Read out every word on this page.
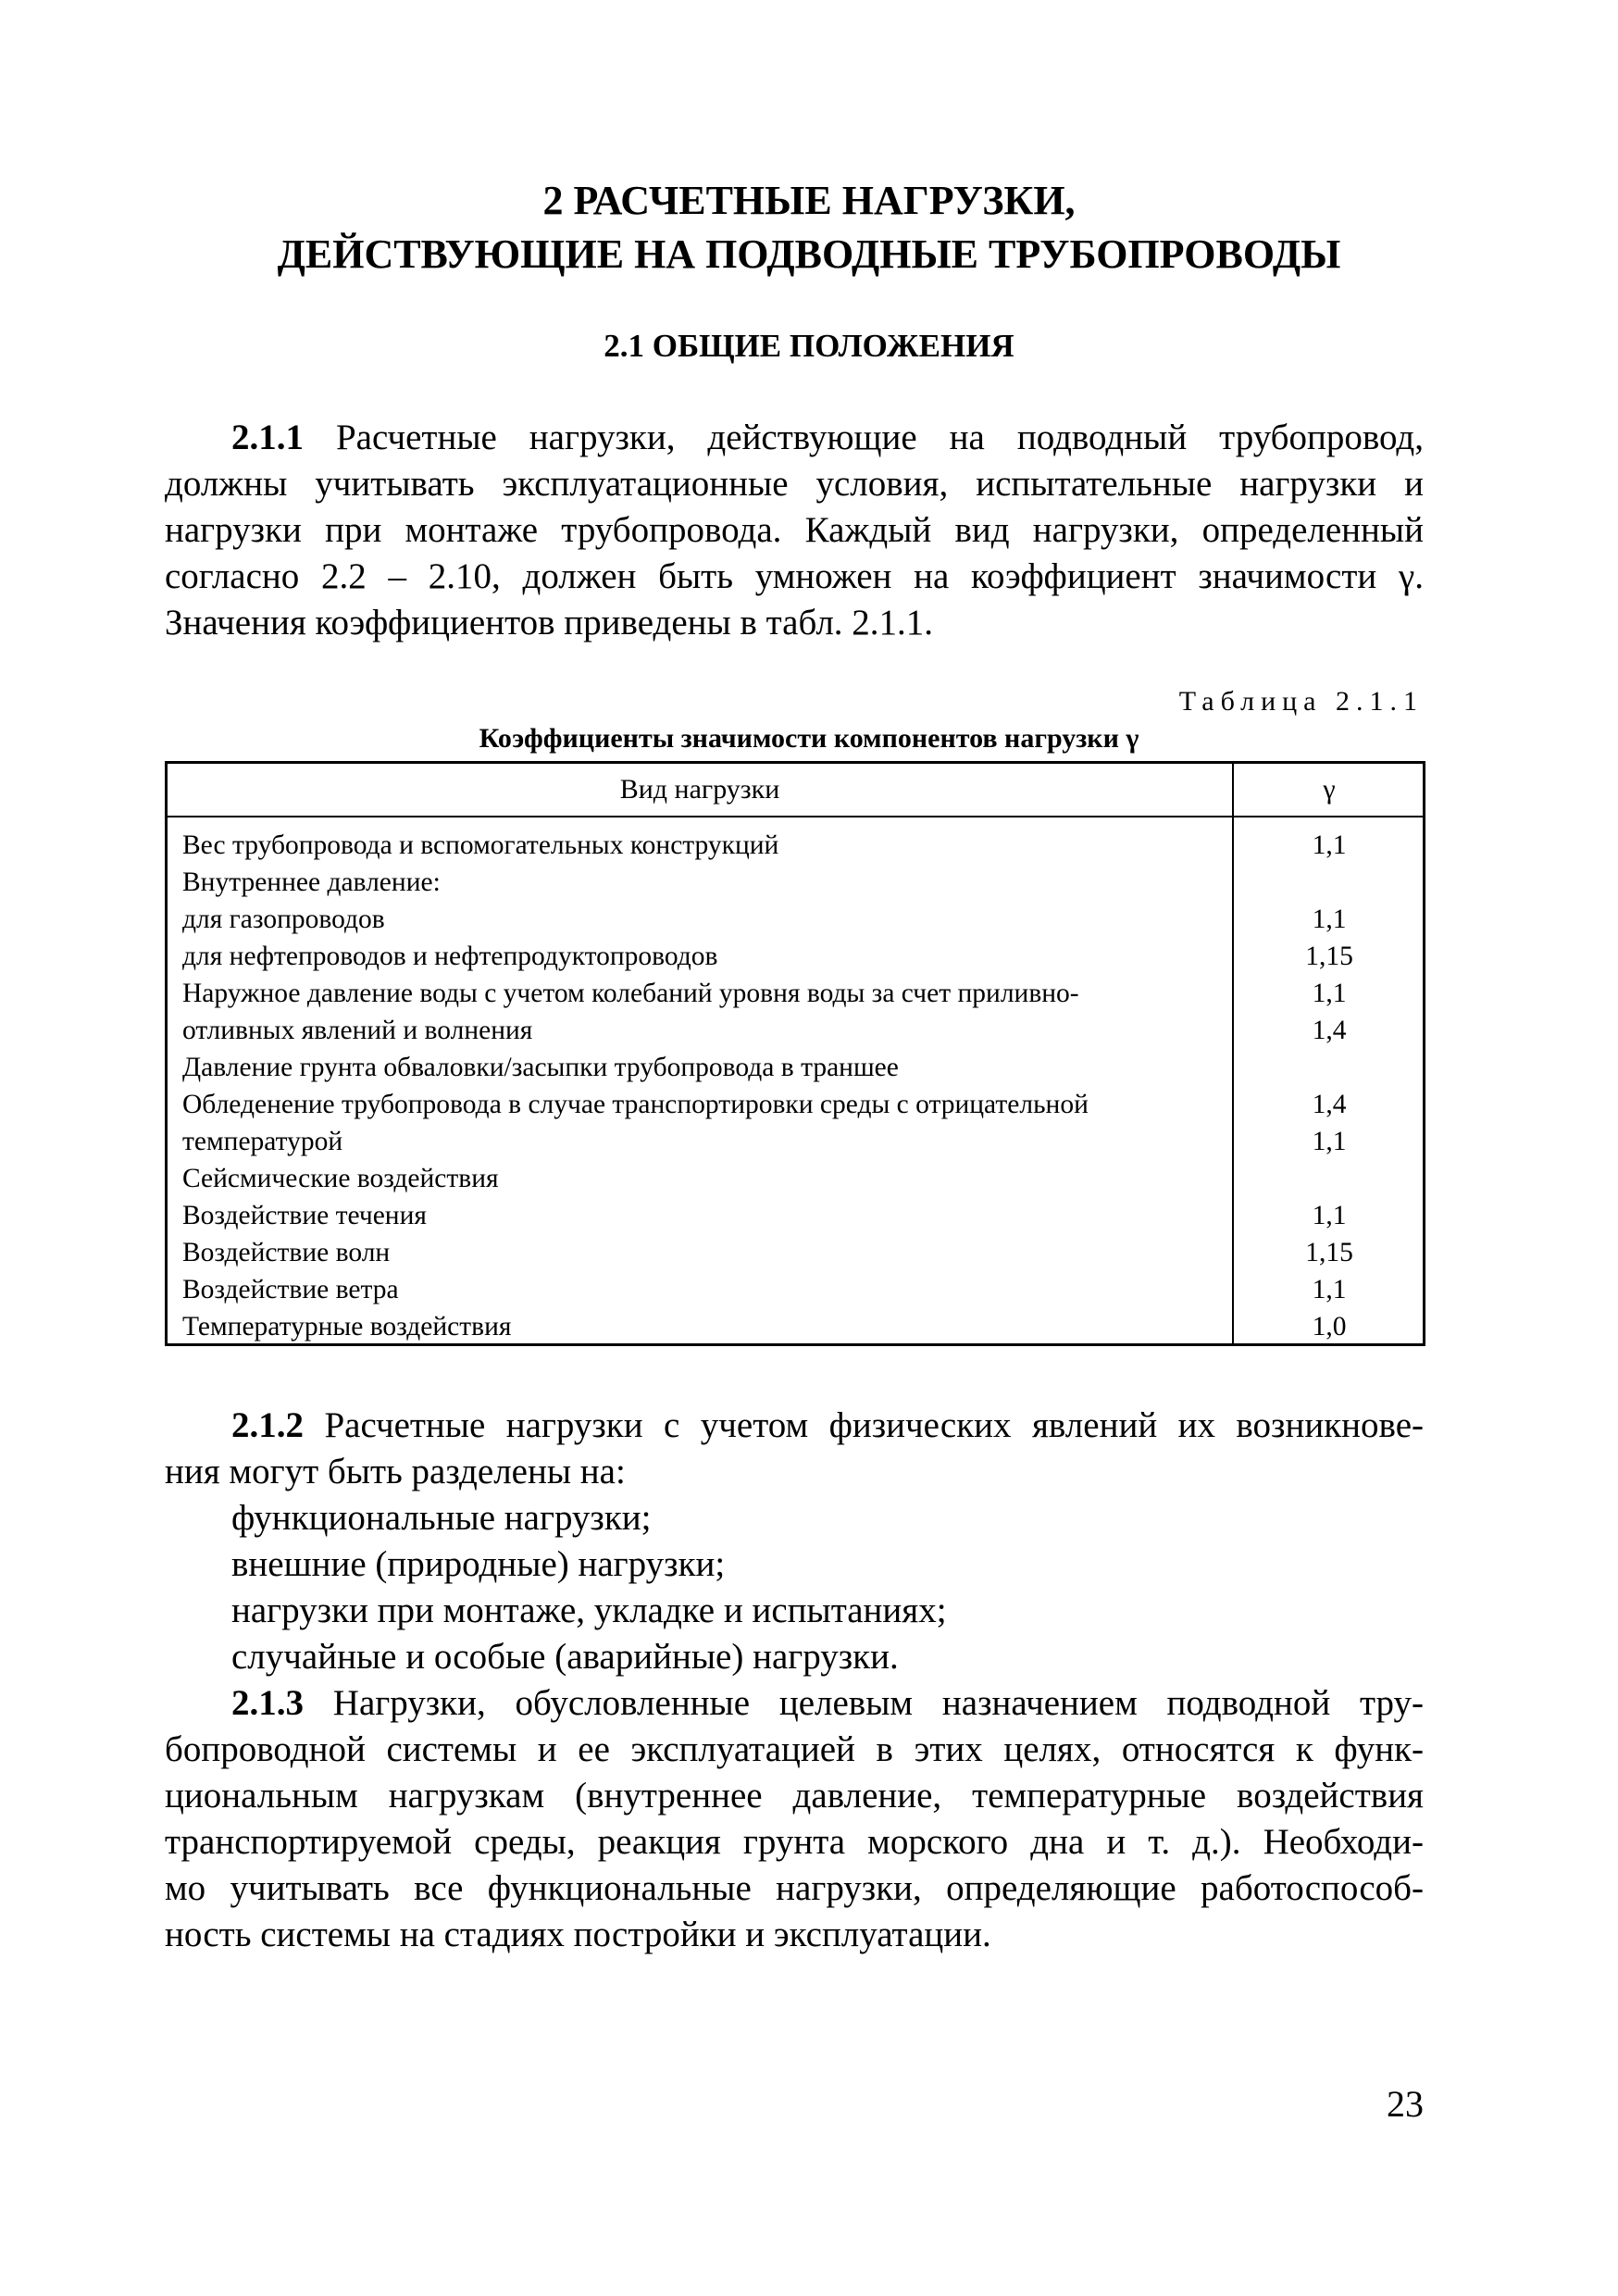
2 РАСЧЕТНЫЕ НАГРУЗКИ,
ДЕЙСТВУЮЩИЕ НА ПОДВОДНЫЕ ТРУБОПРОВОДЫ
2.1 ОБЩИЕ ПОЛОЖЕНИЯ
2.1.1 Расчетные нагрузки, действующие на подводный трубопровод,
должны учитывать эксплуатационные условия, испытательные нагрузки и
нагрузки при монтаже трубопровода. Каждый вид нагрузки, определенный
согласно 2.2 – 2.10, должен быть умножен на коэффициент значимости γ.
Значения коэффициентов приведены в табл. 2.1.1.
Таблица 2.1.1
Коэффициенты значимости компонентов нагрузки γ
Вид нагрузки	γ
Вес трубопровода и вспомогательных конструкций	1,1
Внутреннее давление:
для газопроводов	1,1
для нефтепроводов и нефтепродуктопроводов	1,15
Наружное давление воды с учетом колебаний уровня воды за счет приливно-	1,1
отливных явлений и волнения	1,4
Давление грунта обваловки/засыпки трубопровода в траншее
Обледенение трубопровода в случае транспортировки среды с отрицательной	1,4
температурой	1,1
Сейсмические воздействия
Воздействие течения	1,1
Воздействие волн	1,15
Воздействие ветра	1,1
Температурные воздействия	1,0
2.1.2 Расчетные нагрузки с учетом физических явлений их возникнове-
ния могут быть разделены на:
функциональные нагрузки;
внешние (природные) нагрузки;
нагрузки при монтаже, укладке и испытаниях;
случайные и особые (аварийные) нагрузки.
2.1.3 Нагрузки, обусловленные целевым назначением подводной тру-
бопроводной системы и ее эксплуатацией в этих целях, относятся к функ-
циональным нагрузкам (внутреннее давление, температурные воздействия
транспортируемой среды, реакция грунта морского дна и т. д.). Необходи-
мо учитывать все функциональные нагрузки, определяющие работоспособ-
ность системы на стадиях постройки и эксплуатации.
23
